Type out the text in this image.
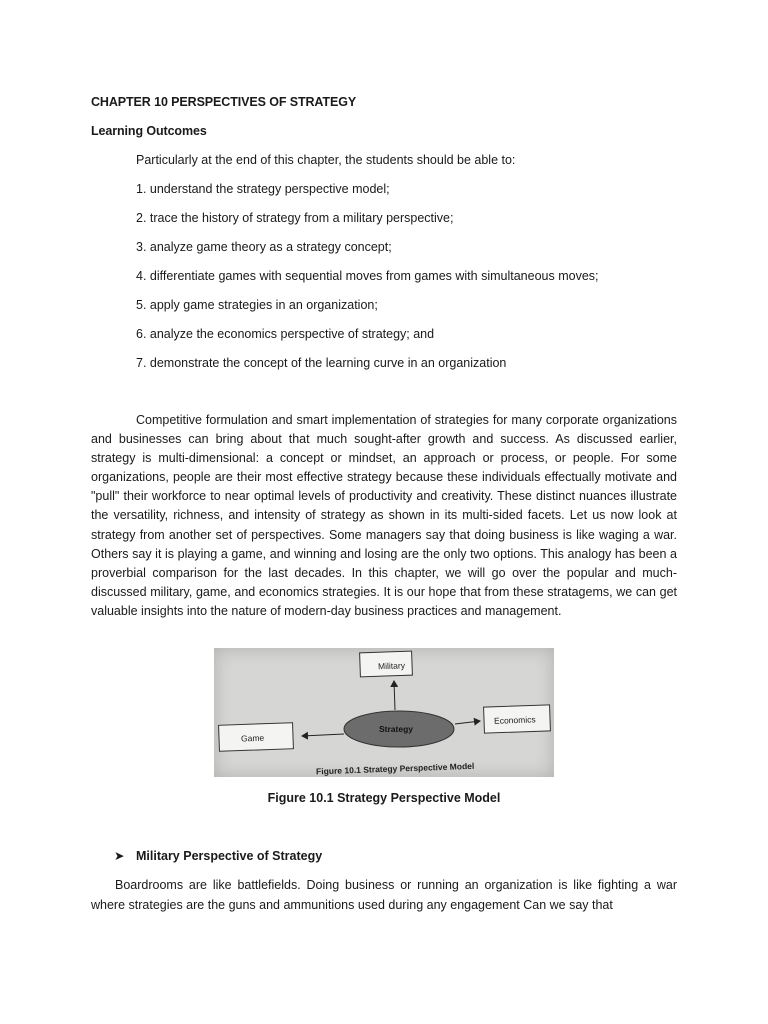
CHAPTER 10 PERSPECTIVES OF STRATEGY
Learning Outcomes
Particularly at the end of this chapter, the students should be able to:
1. understand the strategy perspective model;
2. trace the history of strategy from a military perspective;
3. analyze game theory as a strategy concept;
4. differentiate games with sequential moves from games with simultaneous moves;
5. apply game strategies in an organization;
6. analyze the economics perspective of strategy; and
7. demonstrate the concept of the learning curve in an organization

Competitive formulation and smart implementation of strategies for many corporate organizations and businesses can bring about that much sought-after growth and success. As discussed earlier, strategy is multi-dimensional: a concept or mindset, an approach or process, or people. For some organizations, people are their most effective strategy because these individuals effectually motivate and "pull" their workforce to near optimal levels of productivity and creativity. These distinct nuances illustrate the versatility, richness, and intensity of strategy as shown in its multi-sided facets. Let us now look at strategy from another set of perspectives. Some managers say that doing business is like waging a war. Others say it is playing a game, and winning and losing are the only two options. This analogy has been a proverbial comparison for the last decades. In this chapter, we will go over the popular and much-discussed military, game, and economics strategies. It is our hope that from these stratagems, we can get valuable insights into the nature of modern-day business practices and management.

Military
Game
Economics
Strategy
Figure 10.1 Strategy Perspective Model
Figure 10.1 Strategy Perspective Model
➤ Military Perspective of Strategy

Boardrooms are like battlefields. Doing business or running an organization is like fighting a war where strategies are the guns and ammunitions used during any engagement Can we say that
